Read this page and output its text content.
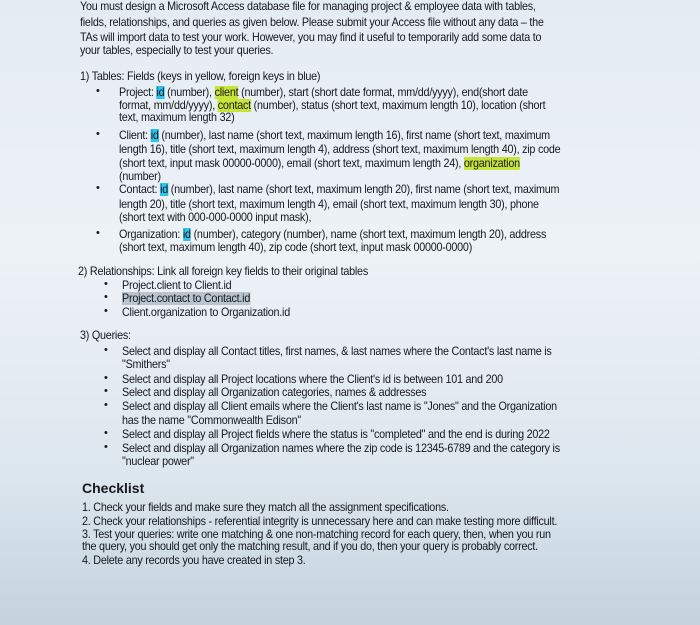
You must design a Microsoft Access database file for managing project & employee data with tables,
fields, relationships, and queries as given below. Please submit your Access file without any data – the
TAs will import data to test your work. However, you may find it useful to temporarily add some data to
your tables, especially to test your queries.
1) Tables: Fields (keys in yellow, foreign keys in blue)
• Project: id (number), client (number), start (short date format, mm/dd/yyyy), end(short date
format, mm/dd/yyyy), contact (number), status (short text, maximum length 10), location (short
text, maximum length 32)
• Client: id (number), last name (short text, maximum length 16), first name (short text, maximum
length 16), title (short text, maximum length 4), address (short text, maximum length 40), zip code
(short text, input mask 00000-0000), email (short text, maximum length 24), organization
(number)
• Contact: id (number), last name (short text, maximum length 20), first name (short text, maximum
length 20), title (short text, maximum length 4), email (short text, maximum length 30), phone
(short text with 000-000-0000 input mask),
• Organization: id (number), category (number), name (short text, maximum length 20), address
(short text, maximum length 40), zip code (short text, input mask 00000-0000)
2) Relationships: Link all foreign key fields to their original tables
• Project.client to Client.id
• Project.contact to Contact.id
• Client.organization to Organization.id
3) Queries:
• Select and display all Contact titles, first names, & last names where the Contact's last name is
"Smithers"
• Select and display all Project locations where the Client's id is between 101 and 200
• Select and display all Organization categories, names & addresses
• Select and display all Client emails where the Client's last name is "Jones" and the Organization
has the name "Commonwealth Edison"
• Select and display all Project fields where the status is "completed" and the end is during 2022
• Select and display all Organization names where the zip code is 12345-6789 and the category is
"nuclear power"
1. Check your fields and make sure they match all the assignment specifications.
2. Check your relationships - referential integrity is unnecessary here and can make testing more difficult.
3. Test your queries: write one matching & one non-matching record for each query, then, when you run
the query, you should get only the matching result, and if you do, then your query is probably correct.
4. Delete any records you have created in step 3.
Checklist
